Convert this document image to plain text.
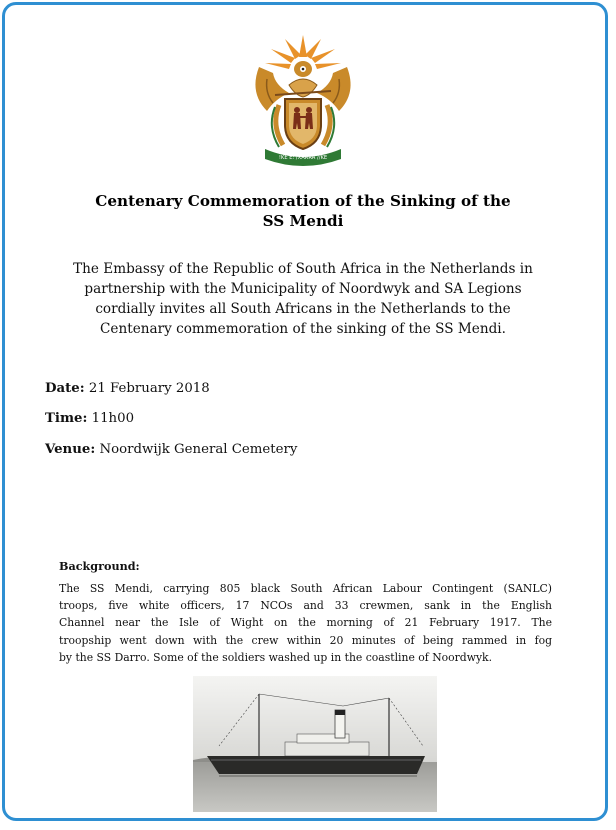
!KE E: /XARRA //KE
Centenary Commemoration of the Sinking of the
SS Mendi
The Embassy of the Republic of South Africa in the Netherlands in
partnership with the Municipality of Noordwyk and SA Legions
cordially invites all South Africans in the Netherlands to the
Centenary commemoration of the sinking of the SS Mendi.
Date: 21 February 2018
Time: 11h00
Venue: Noordwijk General Cemetery
Background:
The SS Mendi, carrying 805 black South African Labour Contingent (SANLC)
troops, five white officers, 17 NCOs and 33 crewmen, sank in the English
Channel near the Isle of Wight on the morning of 21 February 1917. The
troopship went down with the crew within 20 minutes of being rammed in fog
by the SS Darro. Some of the soldiers washed up in the coastline of Noordwyk.
